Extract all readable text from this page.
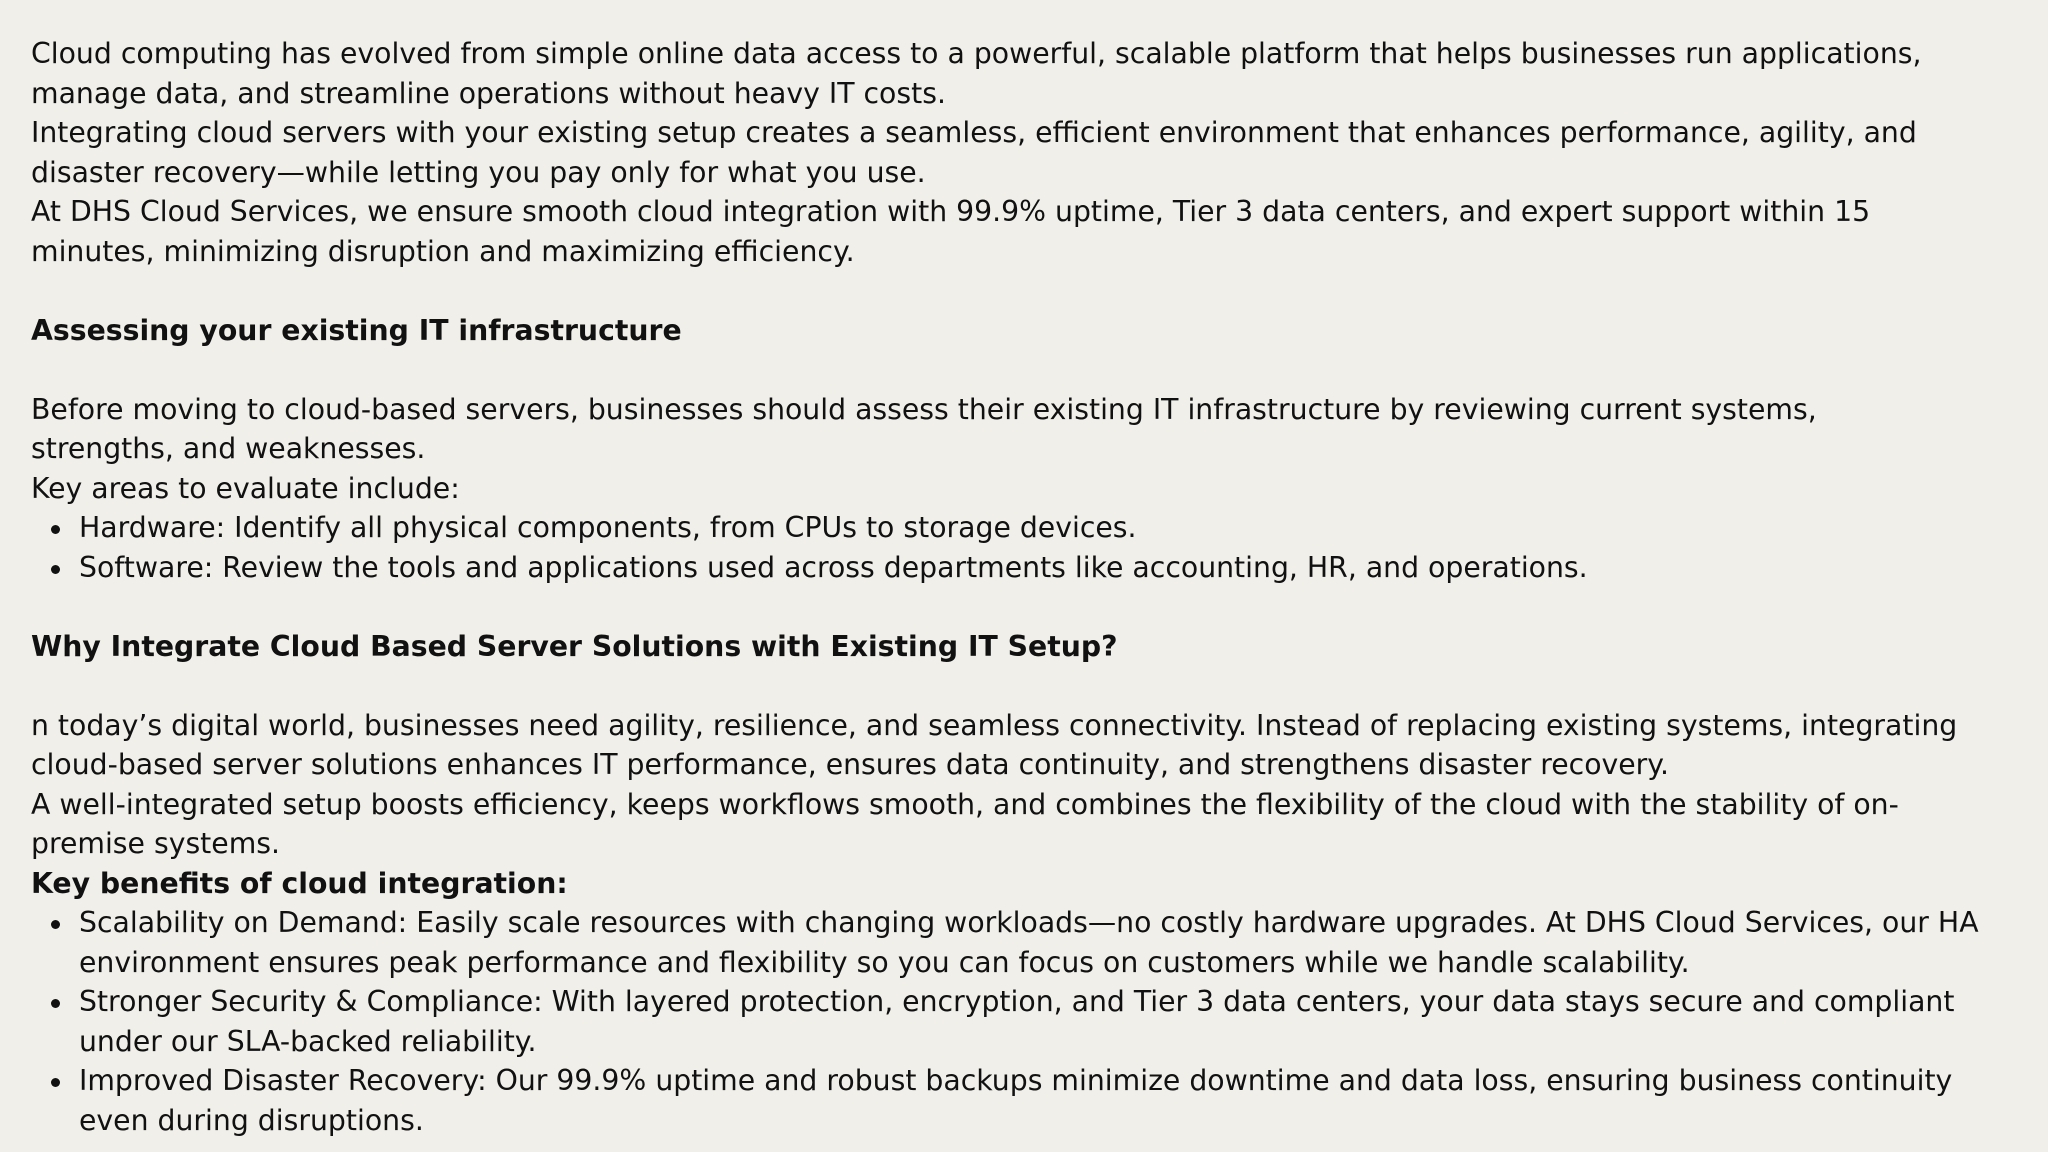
Cloud computing has evolved from simple online data access to a powerful, scalable platform that helps businesses run applications,

manage data, and streamline operations without heavy IT costs.

Integrating cloud servers with your existing setup creates a seamless, efficient environment that enhances performance, agility, and

disaster recovery—while letting you pay only for what you use.

At DHS Cloud Services, we ensure smooth cloud integration with 99.9% uptime, Tier 3 data centers, and expert support within 15

minutes, minimizing disruption and maximizing efficiency.

Assessing your existing IT infrastructure

Before moving to cloud-based servers, businesses should assess their existing IT infrastructure by reviewing current systems,

strengths, and weaknesses.

Key areas to evaluate include:

Hardware: Identify all physical components, from CPUs to storage devices.
Software: Review the tools and applications used across departments like accounting, HR, and operations.

Why Integrate Cloud Based Server Solutions with Existing IT Setup?

n today’s digital world, businesses need agility, resilience, and seamless connectivity. Instead of replacing existing systems, integrating

cloud-based server solutions enhances IT performance, ensures data continuity, and strengthens disaster recovery.

A well-integrated setup boosts efficiency, keeps workflows smooth, and combines the flexibility of the cloud with the stability of on-

premise systems.

Key benefits of cloud integration:

Scalability on Demand: Easily scale resources with changing workloads—no costly hardware upgrades. At DHS Cloud Services, our HA
environment ensures peak performance and flexibility so you can focus on customers while we handle scalability.
Stronger Security & Compliance: With layered protection, encryption, and Tier 3 data centers, your data stays secure and compliant
under our SLA-backed reliability.
Improved Disaster Recovery: Our 99.9% uptime and robust backups minimize downtime and data loss, ensuring business continuity
even during disruptions.
